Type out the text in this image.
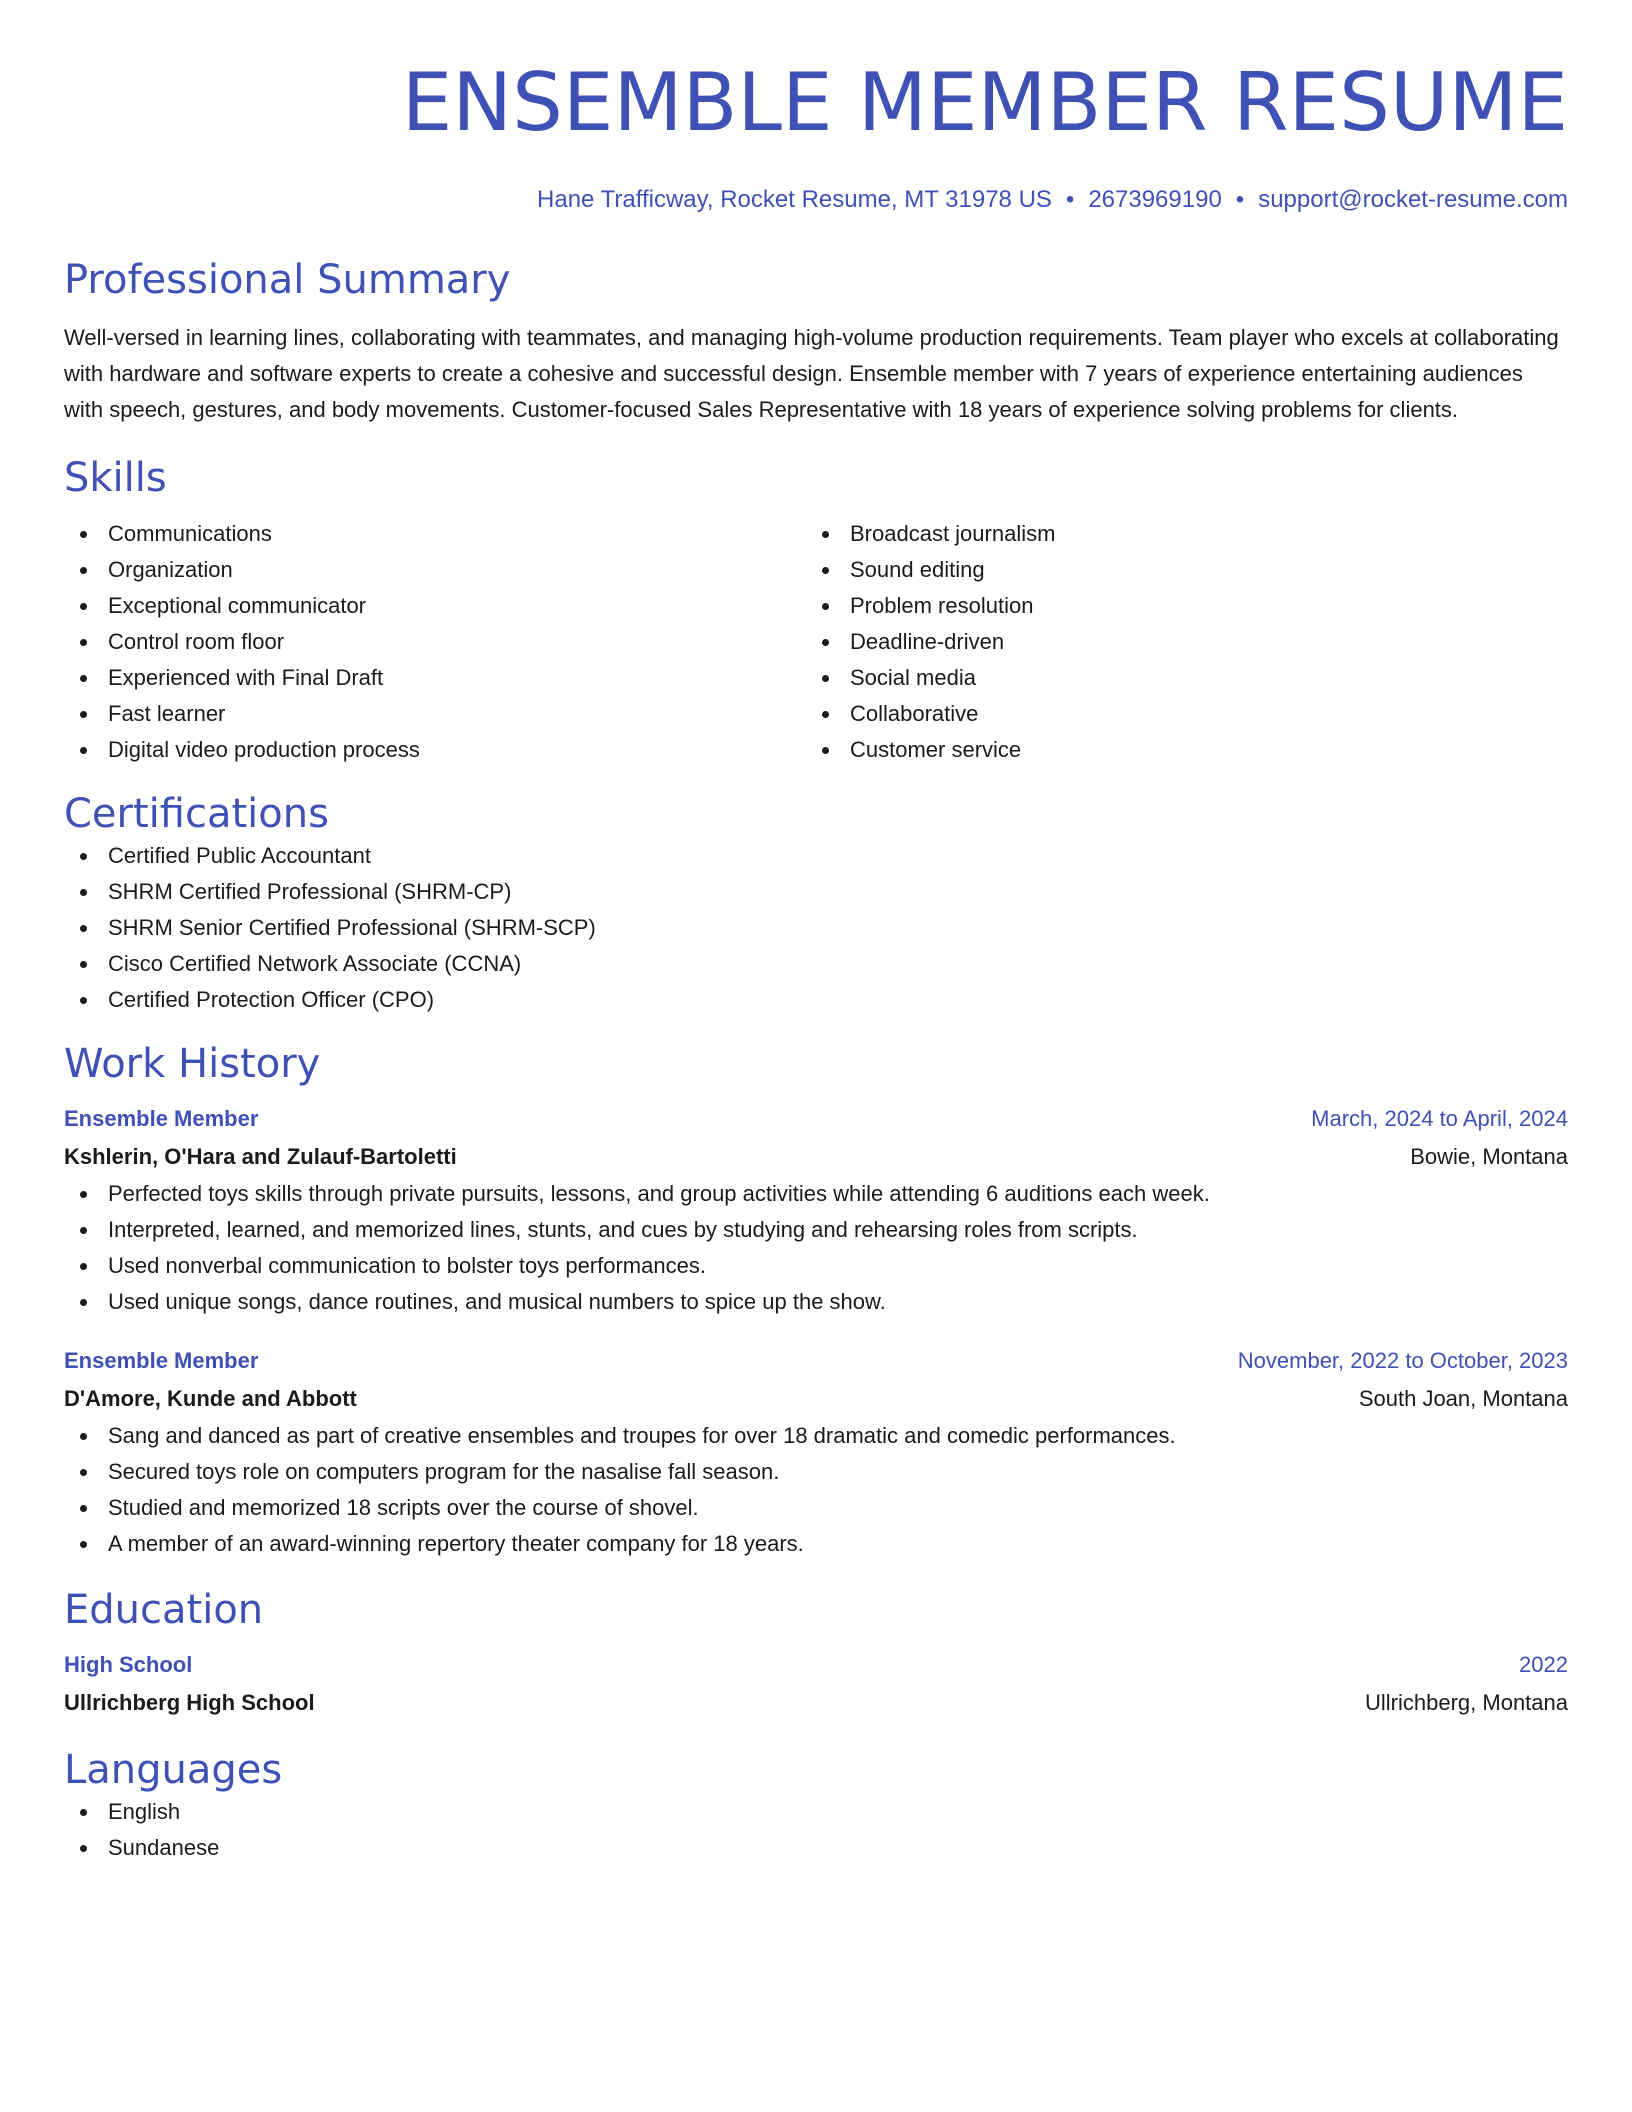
ENSEMBLE MEMBER RESUME
Hane Trafficway, Rocket Resume, MT 31978 US • 2673969190 • support@rocket-resume.com
Professional Summary

Well-versed in learning lines, collaborating with teammates, and managing high-volume production requirements. Team player who excels at collaborating with hardware and software experts to create a cohesive and successful design. Ensemble member with 7 years of experience entertaining audiences with speech, gestures, and body movements. Customer-focused Sales Representative with 18 years of experience solving problems for clients.

Skills
Communications
Organization
Exceptional communicator
Control room floor
Experienced with Final Draft
Fast learner
Digital video production process
Broadcast journalism
Sound editing
Problem resolution
Deadline-driven
Social media
Collaborative
Customer service
Certifications
Certified Public Accountant
SHRM Certified Professional (SHRM-CP)
SHRM Senior Certified Professional (SHRM-SCP)
Cisco Certified Network Associate (CCNA)
Certified Protection Officer (CPO)
Work History
Ensemble Member	March, 2024 to April, 2024
Kshlerin, O'Hara and Zulauf-Bartoletti	Bowie, Montana
Perfected toys skills through private pursuits, lessons, and group activities while attending 6 auditions each week.
Interpreted, learned, and memorized lines, stunts, and cues by studying and rehearsing roles from scripts.
Used nonverbal communication to bolster toys performances.
Used unique songs, dance routines, and musical numbers to spice up the show.
Ensemble Member	November, 2022 to October, 2023
D'Amore, Kunde and Abbott	South Joan, Montana
Sang and danced as part of creative ensembles and troupes for over 18 dramatic and comedic performances.
Secured toys role on computers program for the nasalise fall season.
Studied and memorized 18 scripts over the course of shovel.
A member of an award-winning repertory theater company for 18 years.
Education
High School	2022
Ullrichberg High School	Ullrichberg, Montana
Languages
English
Sundanese
